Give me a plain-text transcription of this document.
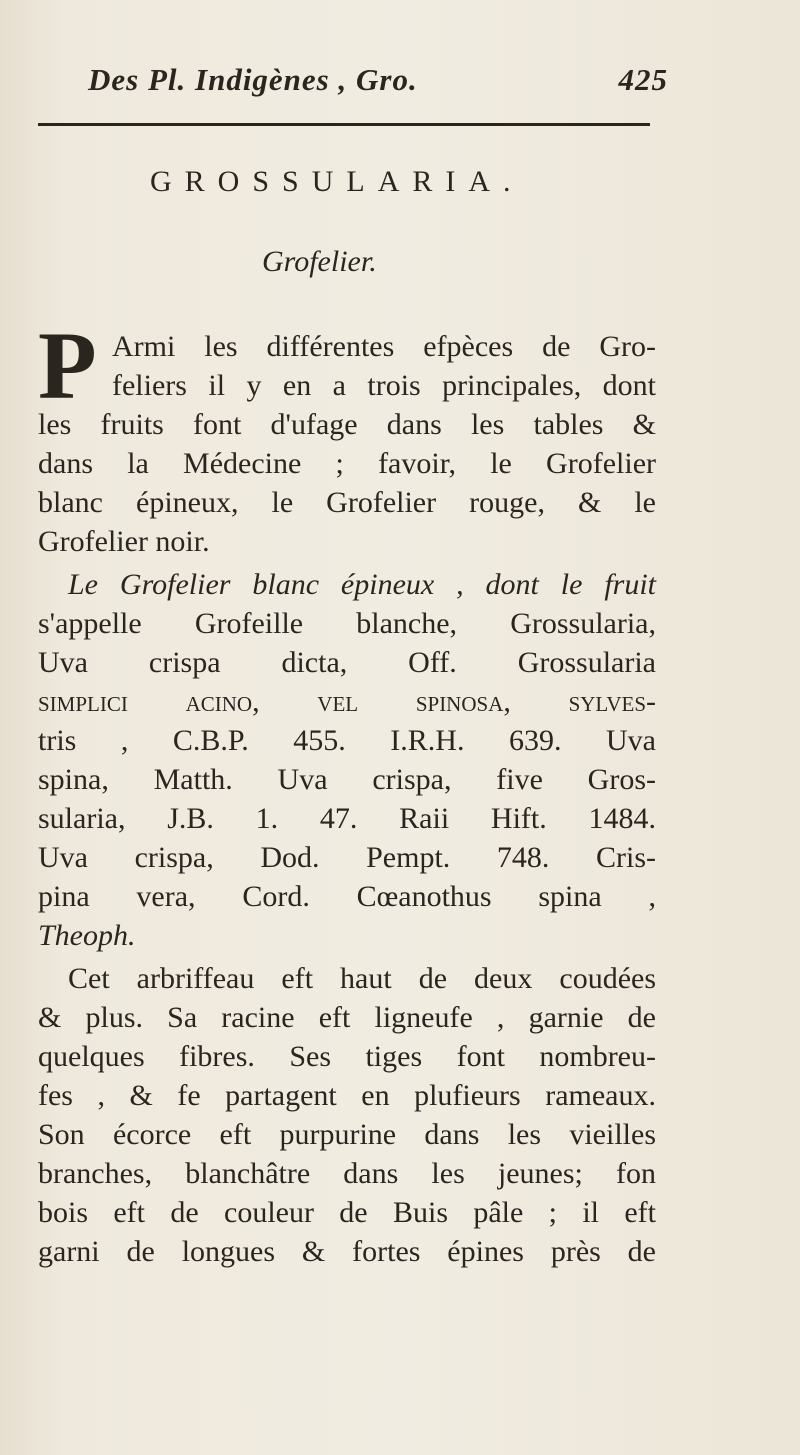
Des Pl. Indigènes , Gro.	425
GROSSULARIA.
Grofelier.
P Armi les différentes efpèces de Gro-
feliers il y en a trois principales, dont
les fruits font d'ufage dans les tables &
dans la Médecine ; favoir, le Grofelier
blanc épineux, le Grofelier rouge, & le
Grofelier noir.
Le Grofelier blanc épineux , dont le fruit
s'appelle Grofeille blanche, Grossularia,
Uva crispa dicta, Off. Grossularia
simplici acino, vel spinosa, sylves-
tris , C.B.P. 455. I.R.H. 639. Uva
spina, Matth. Uva crispa, five Gros-
sularia, J.B. 1. 47. Raii Hift. 1484.
Uva crispa, Dod. Pempt. 748. Cris-
pina vera, Cord. Cœanothus spina ,
Theoph.
Cet arbriffeau eft haut de deux coudées
& plus. Sa racine eft ligneufe , garnie de
quelques fibres. Ses tiges font nombreu-
fes , & fe partagent en plufieurs rameaux.
Son écorce eft purpurine dans les vieilles
branches, blanchâtre dans les jeunes; fon
bois eft de couleur de Buis pâle ; il eft
garni de longues & fortes épines près de
